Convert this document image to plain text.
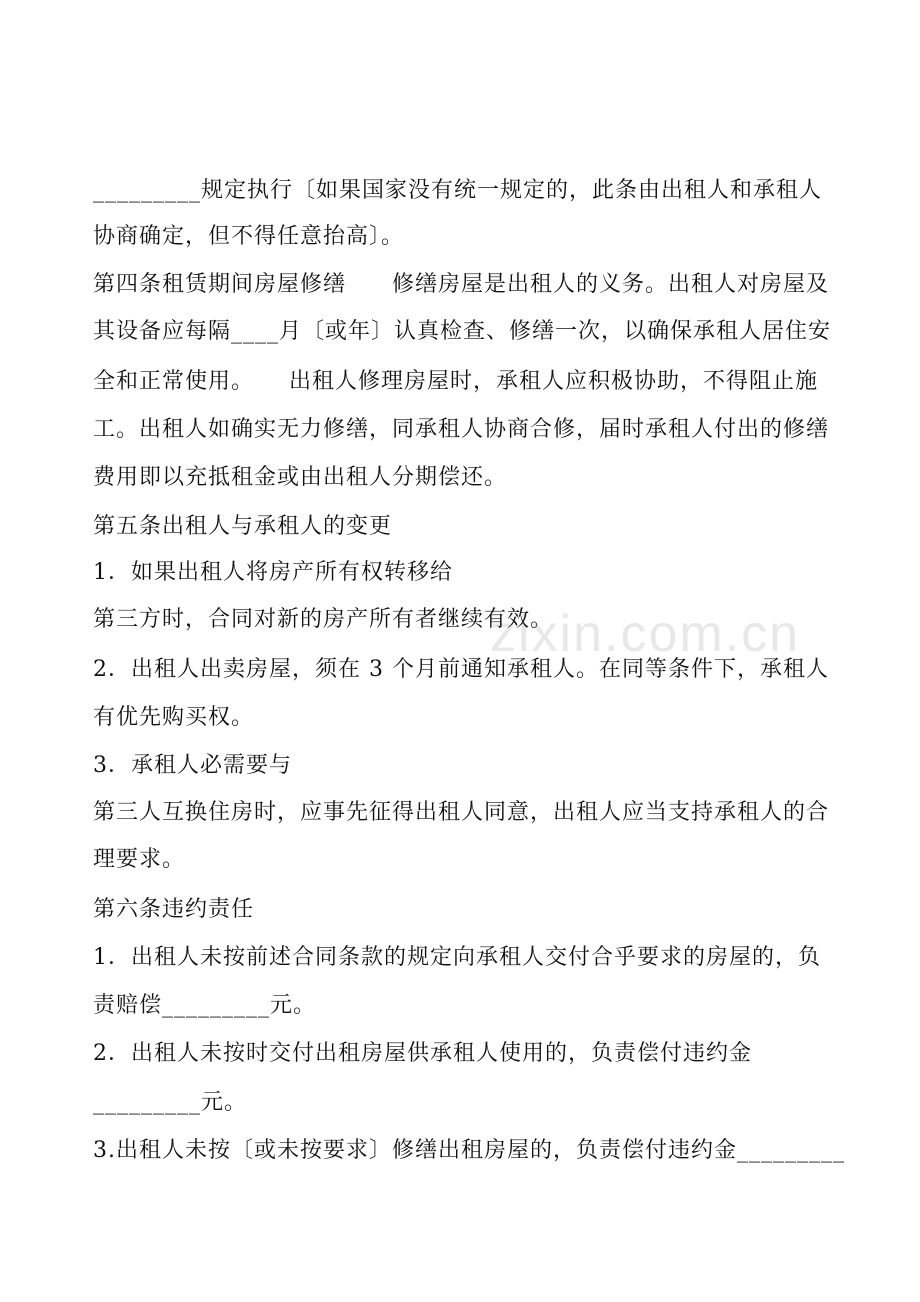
zixin.com.cn
_________规定执行〔如果国家没有统一规定的，此条由出租人和承租人
协商确定，但不得任意抬高〕。
第四条租赁期间房屋修缮　　修缮房屋是出租人的义务。出租人对房屋及
其设备应每隔____月〔或年〕认真检查、修缮一次，以确保承租人居住安
全和正常使用。　　出租人修理房屋时，承租人应积极协助，不得阻止施
工。出租人如确实无力修缮，同承租人协商合修，届时承租人付出的修缮
费用即以充抵租金或由出租人分期偿还。
第五条出租人与承租人的变更
1．如果出租人将房产所有权转移给
第三方时，合同对新的房产所有者继续有效。
2．出租人出卖房屋，须在 3 个月前通知承租人。在同等条件下，承租人
有优先购买权。
3．承租人必需要与
第三人互换住房时，应事先征得出租人同意，出租人应当支持承租人的合
理要求。
第六条违约责任
1．出租人未按前述合同条款的规定向承租人交付合乎要求的房屋的，负
责赔偿_________元。
2．出租人未按时交付出租房屋供承租人使用的，负责偿付违约金
_________元。
3.出租人未按〔或未按要求〕修缮出租房屋的，负责偿付违约金_________
